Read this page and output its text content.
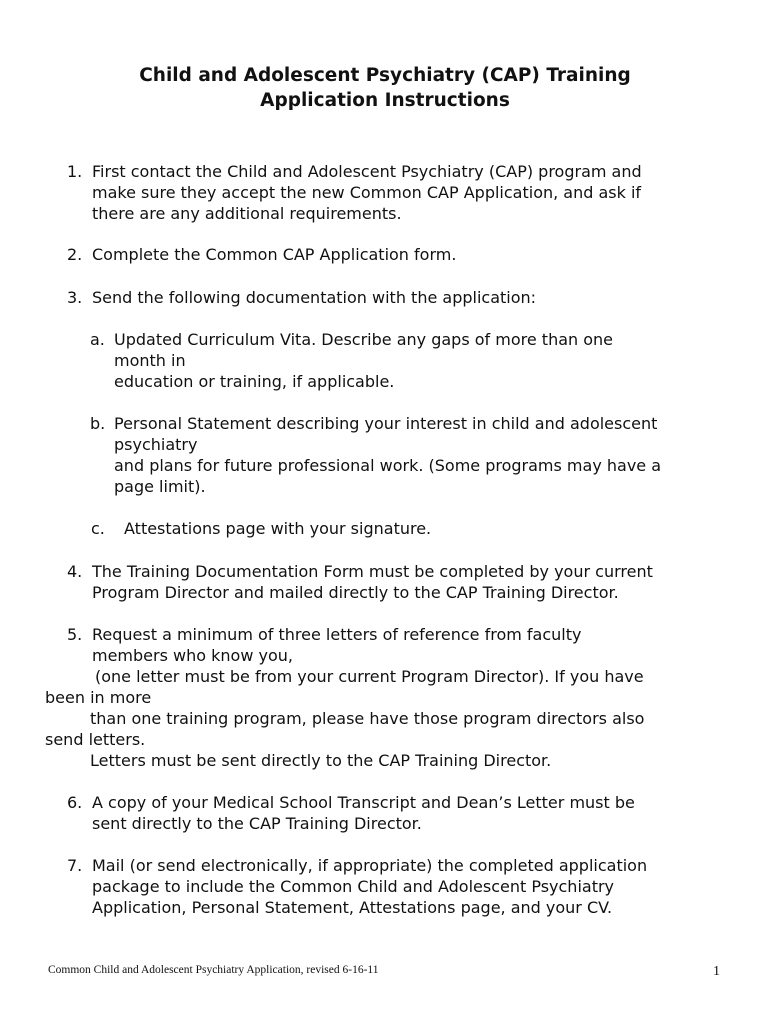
Child and Adolescent Psychiatry (CAP) Training
Application Instructions
1. First contact the Child and Adolescent Psychiatry (CAP) program and
make sure they accept the new Common CAP Application, and ask if
there are any additional requirements.
2. Complete the Common CAP Application form.
3. Send the following documentation with the application:
a. Updated Curriculum Vita. Describe any gaps of more than one
month in
education or training, if applicable.
b. Personal Statement describing your interest in child and adolescent
psychiatry
and plans for future professional work. (Some programs may have a
page limit).
c. Attestations page with your signature.
4. The Training Documentation Form must be completed by your current
Program Director and mailed directly to the CAP Training Director.
5. Request a minimum of three letters of reference from faculty
members who know you,
(one letter must be from your current Program Director). If you have
been in more
than one training program, please have those program directors also
send letters.
Letters must be sent directly to the CAP Training Director.
6. A copy of your Medical School Transcript and Dean’s Letter must be
sent directly to the CAP Training Director.
7. Mail (or send electronically, if appropriate) the completed application
package to include the Common Child and Adolescent Psychiatry
Application, Personal Statement, Attestations page, and your CV.
Common Child and Adolescent Psychiatry Application, revised 6-16-11	1
